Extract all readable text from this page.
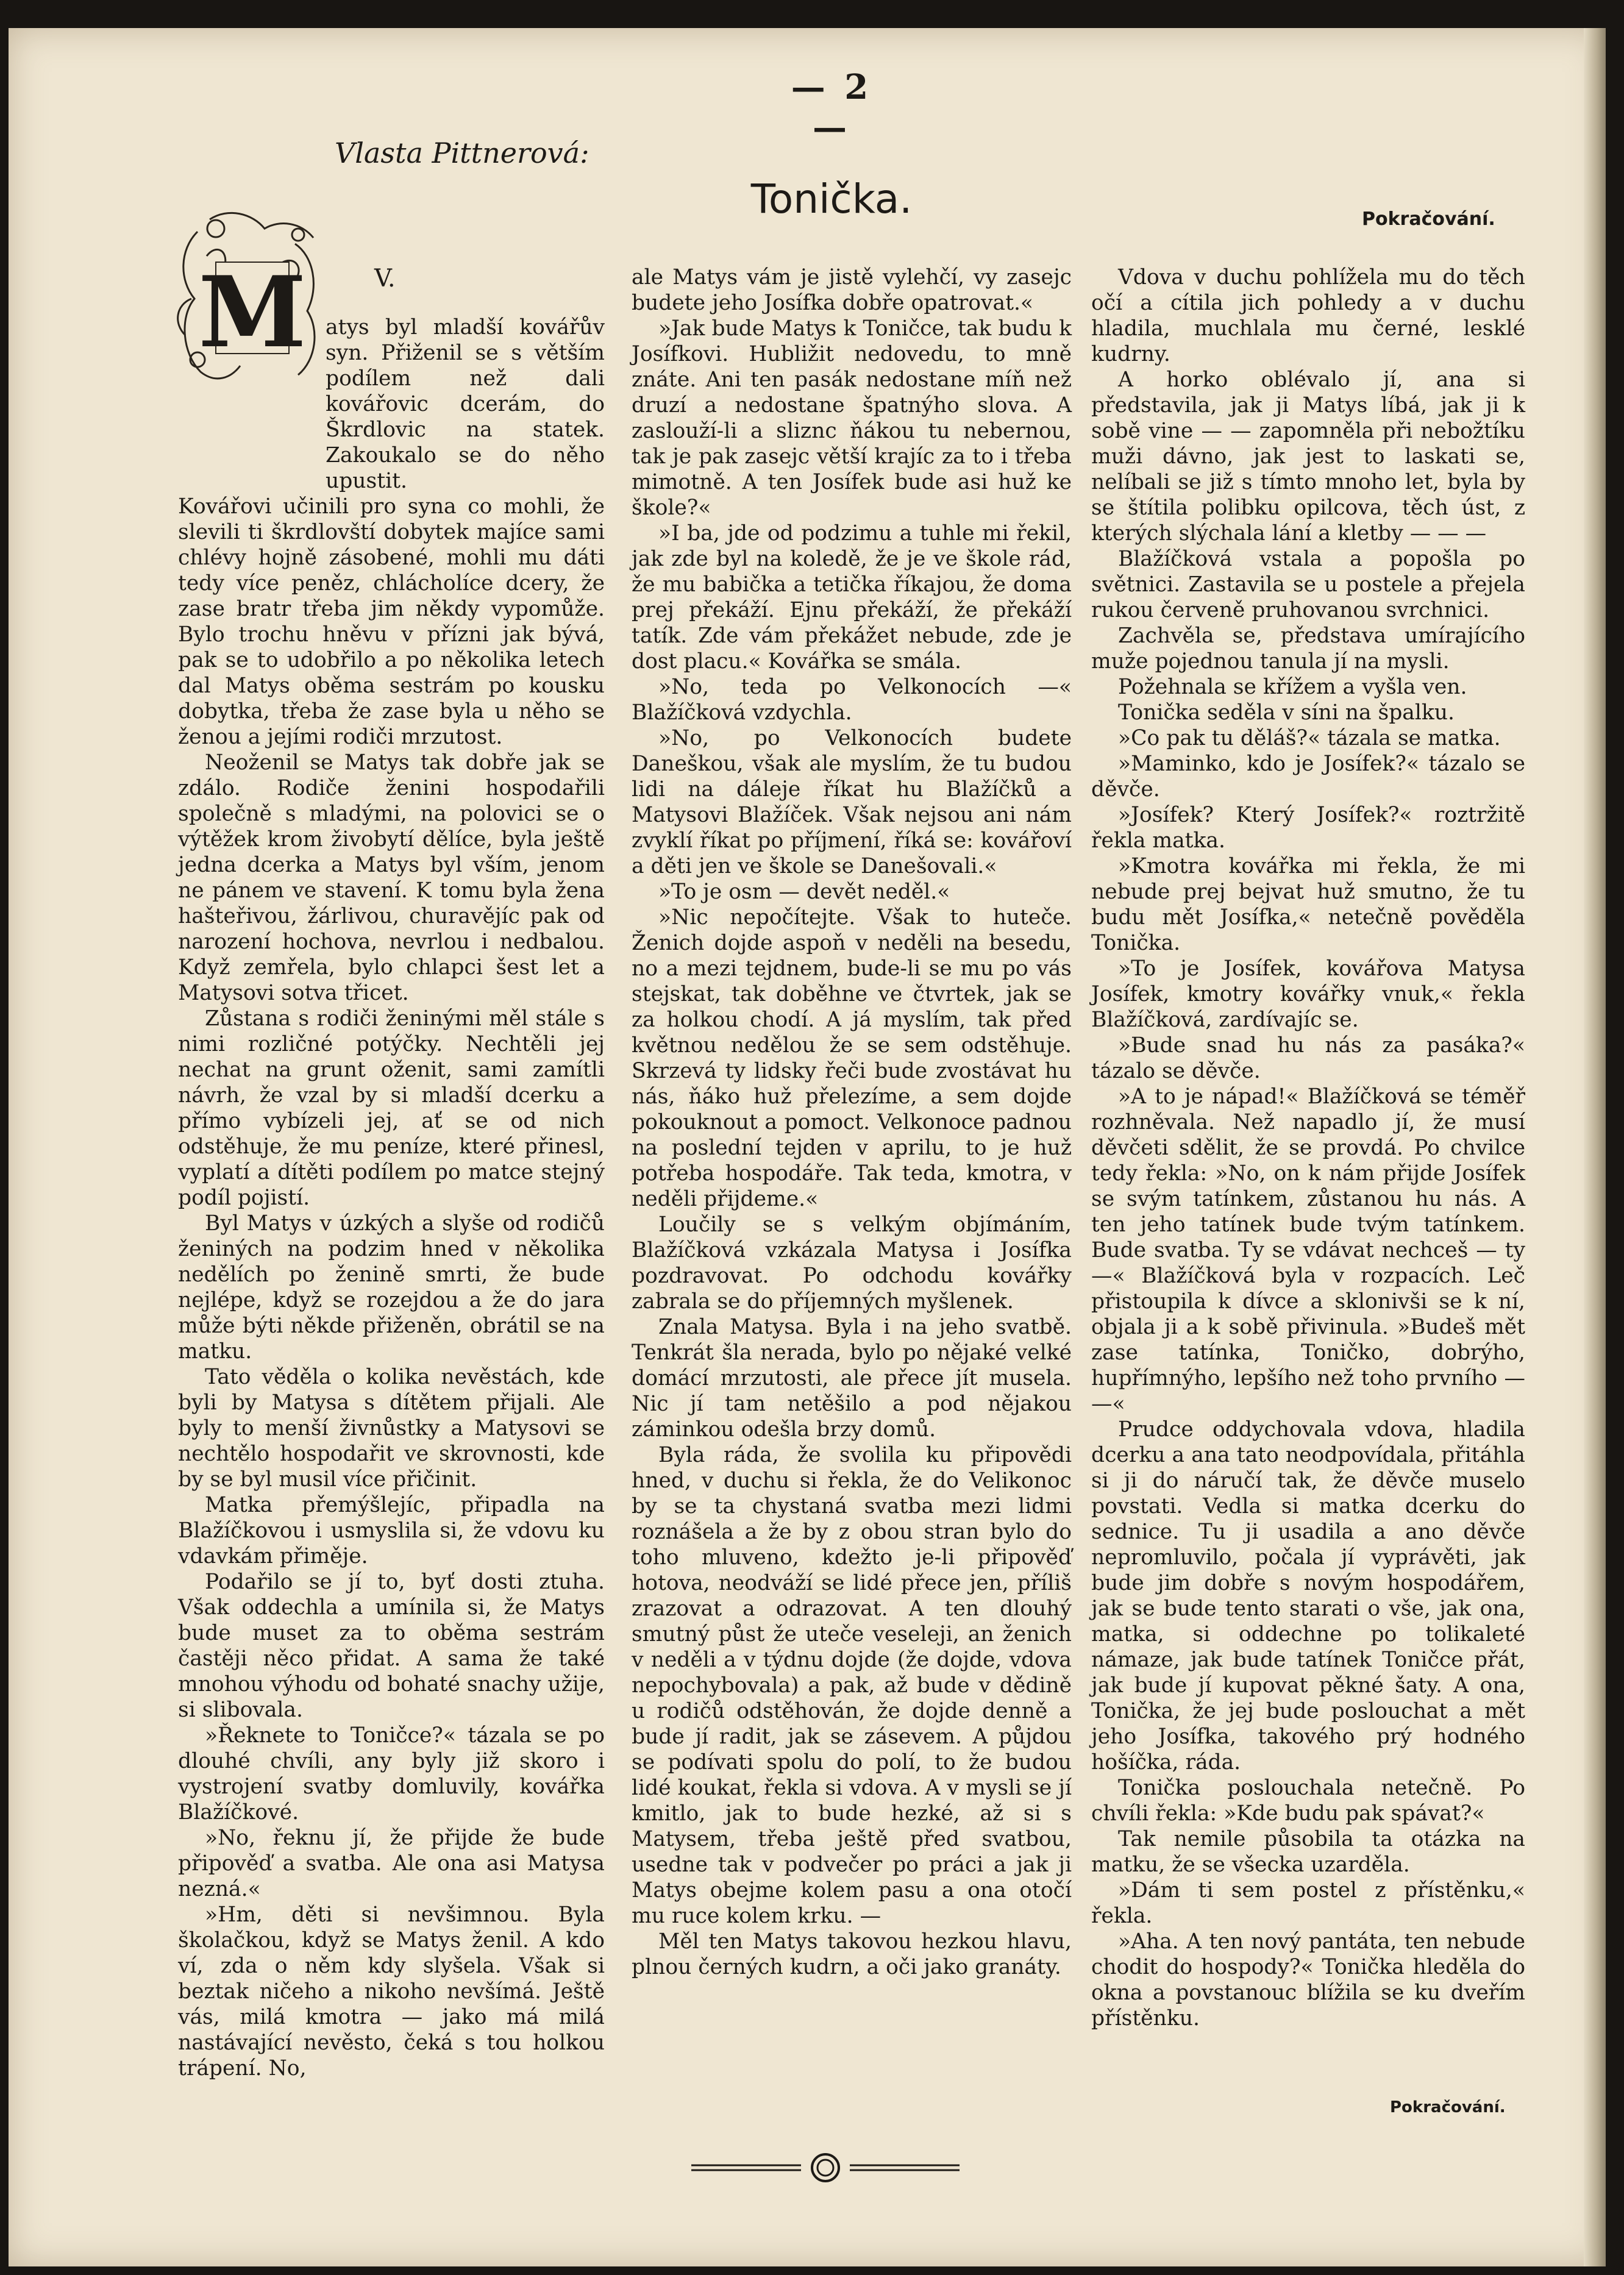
— 2 —
Vlasta Pittnerová:
Tonička.	Pokračování.
V.
M atys byl mladší kovářův syn. Přiženil se s větším podílem než dali kovářovic dcerám, do Škrdlovic na statek. Zakoukalo se do něho upustit.

Kovářovi učinili pro syna co mohli, že slevili ti škrdlovští dobytek majíce sami chlévy hojně zásobené, mohli mu dáti tedy více peněz, chlácholíce dcery, že zase bratr třeba jim někdy vypomůže. Bylo trochu hněvu v přízni jak bývá, pak se to udobřilo a po několika letech dal Matys oběma sestrám po kousku dobytka, třeba že zase byla u něho se ženou a jejími rodiči mrzutost.

Neoženil se Matys tak dobře jak se zdálo. Rodiče ženini hospodařili společně s mladými, na polovici se o výtěžek krom živobytí dělíce, byla ještě jedna dcerka a Matys byl vším, jenom ne pánem ve stavení. K tomu byla žena hašteřivou, žárlivou, churavějíc pak od narození hochova, nevrlou i nedbalou. Když zemřela, bylo chlapci šest let a Matysovi sotva třicet.

Zůstana s rodiči ženinými měl stále s nimi rozličné potýčky. Nechtěli jej nechat na grunt oženit, sami zamítli návrh, že vzal by si mladší dcerku a přímo vybízeli jej, ať se od nich odstěhuje, že mu peníze, které přinesl, vyplatí a dítěti podílem po matce stejný podíl pojistí.

Byl Matys v úzkých a slyše od rodičů ženiných na podzim hned v několika nedělích po ženině smrti, že bude nejlépe, když se rozejdou a že do jara může býti někde přiženěn, obrátil se na matku.

Tato věděla o kolika nevěstách, kde byli by Matysa s dítětem přijali. Ale byly to menší živnůstky a Matysovi se nechtělo hospodařit ve skrovnosti, kde by se byl musil více přičinit.

Matka přemýšlejíc, připadla na Blažíčkovou i usmyslila si, že vdovu ku vdavkám přiměje.

Podařilo se jí to, byť dosti ztuha. Však oddechla a umínila si, že Matys bude muset za to oběma sestrám častěji něco přidat. A sama že také mnohou výhodu od bohaté snachy užije, si slibovala.

»Řeknete to Toničce?« tázala se po dlouhé chvíli, any byly již skoro i vystrojení svatby domluvily, kovářka Blažíčkové.

»No, řeknu jí, že přijde že bude připověď a svatba. Ale ona asi Matysa nezná.«

»Hm, děti si nevšimnou. Byla školačkou, když se Matys ženil. A kdo ví, zda o něm kdy slyšela. Však si beztak ničeho a nikoho nevšímá. Ještě vás, milá kmotra — jako má milá nastávající nevěsto, čeká s tou holkou trápení. No,

ale Matys vám je jistě vylehčí, vy zasejc budete jeho Josífka dobře opatrovat.«

»Jak bude Matys k Toničce, tak budu k Josífkovi. Hubližit nedovedu, to mně znáte. Ani ten pasák nedostane míň než druzí a nedostane špatnýho slova. A zaslouží-li a sliznc ňákou tu nebernou, tak je pak zasejc větší krajíc za to i třeba mimotně. A ten Josífek bude asi huž ke škole?«

»I ba, jde od podzimu a tuhle mi řekil, jak zde byl na koledě, že je ve škole rád, že mu babička a tetička říkajou, že doma prej překáží. Ejnu překáží, že překáží tatík. Zde vám překážet nebude, zde je dost placu.« Kovářka se smála.

»No, teda po Velkonocích —« Blažíčková vzdychla.

»No, po Velkonocích budete Daneškou, však ale myslím, že tu budou lidi na dáleje říkat hu Blažíčků a Matysovi Blažíček. Však nejsou ani nám zvyklí říkat po příjmení, říká se: kovářoví a děti jen ve škole se Danešovali.«

»To je osm — devět neděl.«

»Nic nepočítejte. Však to huteče. Ženich dojde aspoň v neděli na besedu, no a mezi tejdnem, bude-li se mu po vás stejskat, tak doběhne ve čtvrtek, jak se za holkou chodí. A já myslím, tak před květnou nedělou že se sem odstěhuje. Skrzevá ty lidsky řeči bude zvostávat hu nás, ňáko huž přelezíme, a sem dojde pokouknout a pomoct. Velkonoce padnou na poslední tejden v aprilu, to je huž potřeba hospodáře. Tak teda, kmotra, v neděli přijdeme.«

Loučily se s velkým objímáním, Blažíčková vzkázala Matysa i Josífka pozdravovat. Po odchodu kovářky zabrala se do příjemných myšlenek.

Znala Matysa. Byla i na jeho svatbě. Tenkrát šla nerada, bylo po nějaké velké domácí mrzutosti, ale přece jít musela. Nic jí tam netěšilo a pod nějakou záminkou odešla brzy domů.

Byla ráda, že svolila ku připovědi hned, v duchu si řekla, že do Velikonoc by se ta chystaná svatba mezi lidmi roznášela a že by z obou stran bylo do toho mluveno, kdežto je-li připověď hotova, neodváží se lidé přece jen, příliš zrazovat a odrazovat. A ten dlouhý smutný půst že uteče veseleji, an ženich v neděli a v týdnu dojde (že dojde, vdova nepochybovala) a pak, až bude v dědině u rodičů odstěhován, že dojde denně a bude jí radit, jak se zásevem. A půjdou se podívati spolu do polí, to že budou lidé koukat, řekla si vdova. A v mysli se jí kmitlo, jak to bude hezké, až si s Matysem, třeba ještě před svatbou, usedne tak v podvečer po práci a jak ji Matys obejme kolem pasu a ona otočí mu ruce kolem krku. —

Měl ten Matys takovou hezkou hlavu, plnou černých kudrn, a oči jako granáty.

Vdova v duchu pohlížela mu do těch očí a cítila jich pohledy a v duchu hladila, muchlala mu černé, lesklé kudrny.

A horko oblévalo jí, ana si představila, jak ji Matys líbá, jak ji k sobě vine — — zapomněla při nebožtíku muži dávno, jak jest to laskati se, nelíbali se již s tímto mnoho let, byla by se štítila polibku opilcova, těch úst, z kterých slýchala lání a kletby — — —

Blažíčková vstala a popošla po světnici. Zastavila se u postele a přejela rukou červeně pruhovanou svrchnici.

Zachvěla se, představa umírajícího muže pojednou tanula jí na mysli.

Požehnala se křížem a vyšla ven.

Tonička seděla v síni na špalku.

»Co pak tu děláš?« tázala se matka.

»Maminko, kdo je Josífek?« tázalo se děvče.

»Josífek? Který Josífek?« roztržitě řekla matka.

»Kmotra kovářka mi řekla, že mi nebude prej bejvat huž smutno, že tu budu mět Josífka,« netečně pověděla Tonička.

»To je Josífek, kovářova Matysa Josífek, kmotry kovářky vnuk,« řekla Blažíčková, zardívajíc se.

»Bude snad hu nás za pasáka?« tázalo se děvče.

»A to je nápad!« Blažíčková se téměř rozhněvala. Než napadlo jí, že musí děvčeti sdělit, že se provdá. Po chvilce tedy řekla: »No, on k nám přijde Josífek se svým tatínkem, zůstanou hu nás. A ten jeho tatínek bude tvým tatínkem. Bude svatba. Ty se vdávat nechceš — ty —« Blažíčková byla v rozpacích. Leč přistoupila k dívce a sklonivši se k ní, objala ji a k sobě přivinula. »Budeš mět zase tatínka, Toničko, dobrýho, hupřímnýho, lepšího než toho prvního — —«

Prudce oddychovala vdova, hladila dcerku a ana tato neodpovídala, přitáhla si ji do náručí tak, že děvče muselo povstati. Vedla si matka dcerku do sednice. Tu ji usadila a ano děvče nepromluvilo, počala jí vyprávěti, jak bude jim dobře s novým hospodářem, jak se bude tento starati o vše, jak ona, matka, si oddechne po tolikaleté námaze, jak bude tatínek Toničce přát, jak bude jí kupovat pěkné šaty. A ona, Tonička, že jej bude poslouchat a mět jeho Josífka, takového prý hodného hošíčka, ráda.

Tonička poslouchala netečně. Po chvíli řekla: »Kde budu pak spávat?«

Tak nemile působila ta otázka na matku, že se všecka uzarděla.

»Dám ti sem postel z přístěnku,« řekla.

»Aha. A ten nový pantáta, ten nebude chodit do hospody?« Tonička hleděla do okna a povstanouc blížila se ku dveřím přístěnku.

Pokračování.
